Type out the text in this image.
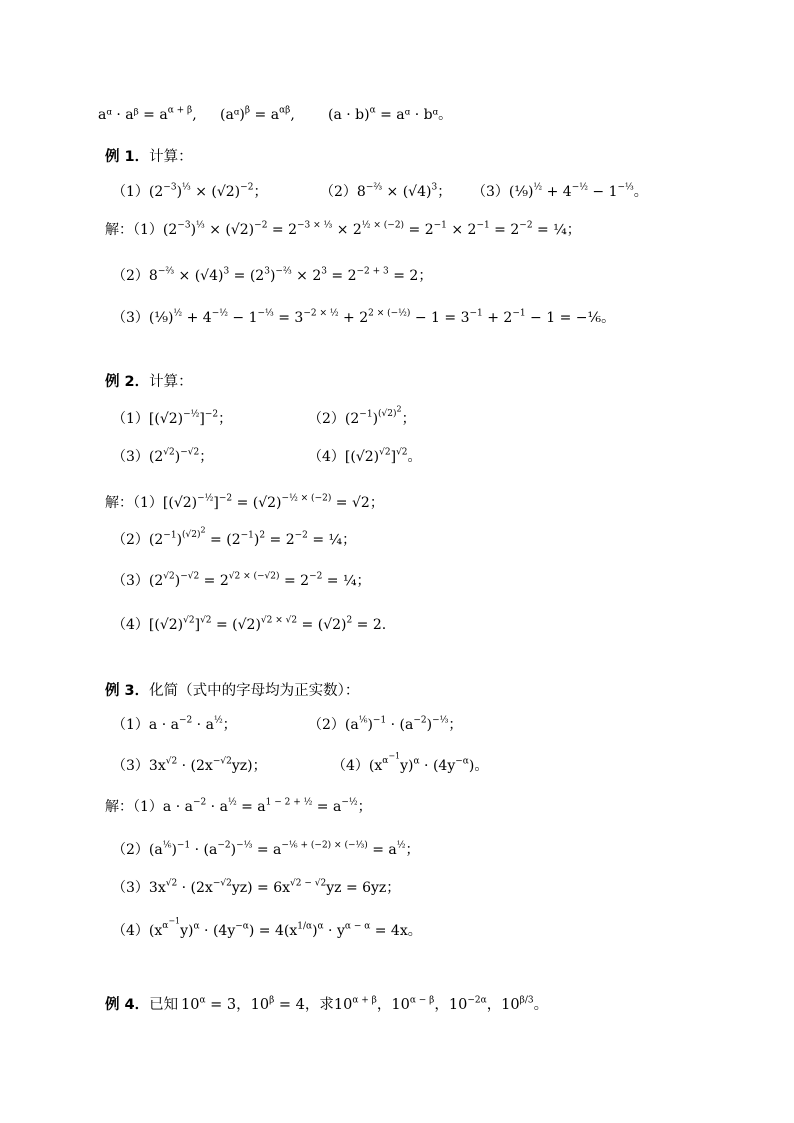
aᵅ · aᵝ = $a^{\alpha + \beta}$, (aᵅ)$^\beta$ = $a^{\alpha\beta}$, $(a \cdot b)^\alpha$ = aᵅ · bᵅ。
例 1．计算：
$(1)(2^{-3})^{\frac{1}{3}} \times (√2)^{-2}$；	$(2)8^{-\frac{2}{3}} \times (√4)^3$； （3）(⅑)$^{\frac{1}{2}}$ + $4^{-\frac{1}{2}} - 1^{-\frac{1}{3}}$。
解：$(1)(2^{-3})^{\frac{1}{3}} \times (√2)^{-2} = 2^{-3 \times \frac{1}{3}} \times 2^{\frac{1}{2} \times (-2)} = 2^{-1} \times 2^{-1} = 2^{-2}$ = ¼；
$(2)8^{-\frac{2}{3}} \times (√4)^3 = (2^3)^{-\frac{2}{3}} \times 2^3 = 2^{-2 + 3} = 2$；
（3）(⅑)$^{\frac{1}{2}}$ + $4^{-\frac{1}{2}} - 1^{-\frac{1}{3}} = 3^{-2 \times \frac{1}{2}} + 2^{2 \times (-\frac{1}{2})} - 1 = 3^{-1} + 2^{-1} - 1$ = −⅙。
例 2．计算：
$(1)[(√2)^{-\frac{1}{2}}]^{-2}$；	$(2)(2^{-1})^{(√2)^2}$；
$(3)(2^{√2})^{-√2}$；	$(4)[(√2)^{√2}]^{√2}$。
解：$(1)[(√2)^{-\frac{1}{2}}]^{-2} = (√2)^{-\frac{1}{2} \times (-2)} = √2$；
$(2)(2^{-1})^{(√2)^2} = (2^{-1})^2 = 2^{-2}$ = ¼；
$(3)(2^{√2})^{-√2} = 2^{√2 \times (-√2)} = 2^{-2}$ = ¼；
$(4)[(√2)^{√2}]^{√2} = (√2)^{√2 \times √2} = (√2)^2 = 2$.
例 3．化简（式中的字母均为正实数）：
$(1)a \cdot a^{-2} \cdot a^{\frac{1}{2}}$；	$(2)(a^{\frac{1}{6}})^{-1} \cdot (a^{-2})^{-\frac{1}{3}}$；
$(3)3x^{√2} \cdot (2x^{-√2}yz)$；	$(4)(x^{\alpha^{-1}}y)^\alpha \cdot (4y^{-\alpha})$。
解：$(1)a \cdot a^{-2} \cdot a^{\frac{1}{2}} = a^{1 - 2 + \frac{1}{2}} = a^{-\frac{1}{2}}$；
$(2)(a^{\frac{1}{6}})^{-1} \cdot (a^{-2})^{-\frac{1}{3}} = a^{-\frac{1}{6} + (-2) \times (-\frac{1}{3})} = a^{\frac{1}{2}}$；
$(3)3x^{√2} \cdot (2x^{-√2}yz) = 6x^{√2 - √2}yz = 6yz$；
$(4)(x^{\alpha^{-1}}y)^\alpha \cdot (4y^{-\alpha}) = 4(x^{1/\alpha})^\alpha \cdot y^{\alpha - \alpha} = 4x$。
例 4．已知 $10^\alpha = 3$，$10^\beta = 4$，求$10^{\alpha + \beta}$，$10^{\alpha - \beta}$，$10^{-2\alpha}$，$10^{\beta/3}$。
